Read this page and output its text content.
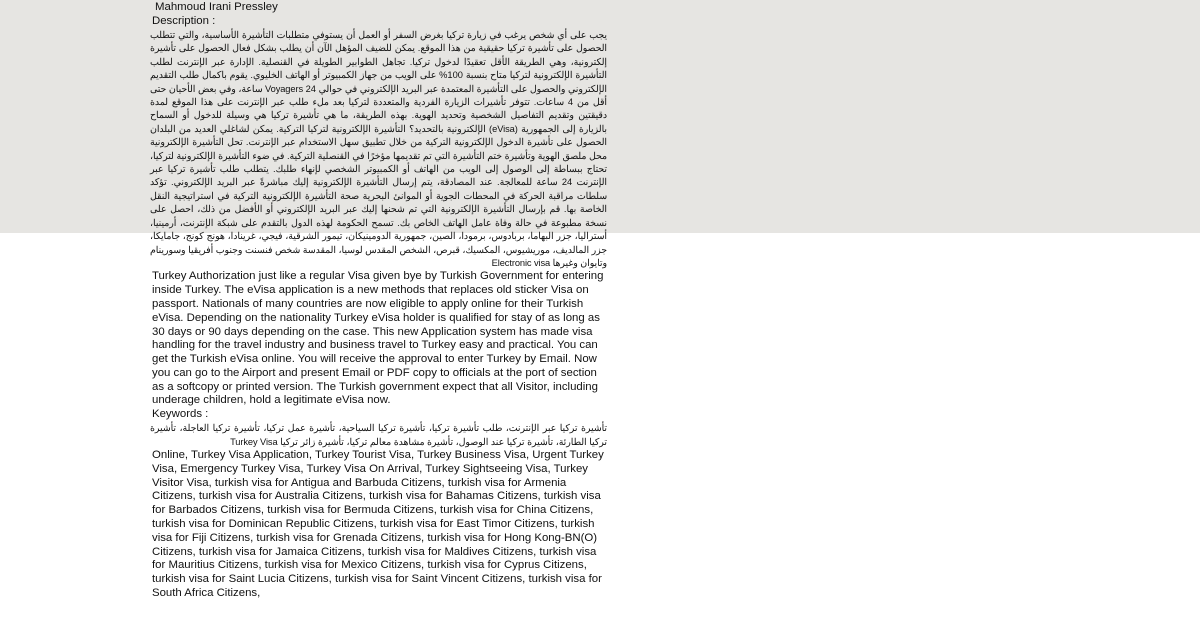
Mahmoud Irani Pressley
Description :
يجب على أي شخص يرغب في زيارة تركيا بغرض السفر أو العمل أن يستوفي متطلبات التأشيرة الأساسية، والتي تتطلب الحصول على تأشيرة تركيا حقيقية من هذا الموقع. يمكن للضيف المؤهل الآن أن يطلب بشكل فعال الحصول على تأشيرة إلكترونية، وهي الطريقة الأقل تعقيدًا لدخول تركيا. تجاهل الطوابير الطويلة في القنصلية. الإدارة عبر الإنترنت لطلب التأشيرة الإلكترونية لتركيا متاح بنسبة 100% على الويب من جهاز الكمبيوتر أو الهاتف الخليوي. يقوم باكمال طلب التقديم الإلكتروني والحصول على التأشيرة المعتمدة عبر البريد الإلكتروني في حوالي 24 Voyagers ساعة، وفي بعض الأحيان حتى أقل من 4 ساعات. تتوفر تأشيرات الزيارة الفردية والمتعددة لتركيا بعد ملء طلب عبر الإنترنت على هذا الموقع لمدة دقيقتين وتقديم التفاصيل الشخصية وتحديد الهوية. بهذه الطريقة، ما هي تأشيرة تركيا هي وسيلة للدخول أو السماح بالزيارة إلى الجمهورية (eVisa) الإلكترونية بالتحديد؟ التأشيرة الإلكترونية لتركيا التركية. يمكن لشاغلي العديد من البلدان الحصول على تأشيرة الدخول الإلكترونية التركية من خلال تطبيق سهل الاستخدام عبر الإنترنت. تحل التأشيرة الإلكترونية محل ملصق الهوية وتأشيرة ختم التأشيرة التي تم تقديمها مؤخرًا في القنصلية التركية. في ضوء التأشيرة الإلكترونية لتركيا، تحتاج ببساطة إلى الوصول إلى الويب من الهاتف أو الكمبيوتر الشخصي لإنهاء طلبك. يتطلب طلب تأشيرة تركيا عبر الإنترنت 24 ساعة للمعالجة. عند المصادقة، يتم إرسال التأشيرة الإلكترونية إليك مباشرةً عبر البريد الإلكتروني. تؤكد سلطات مراقبة الحركة في المحطات الجوية أو الموانئ البحرية صحة التأشيرة الإلكترونية التركية في استراتيجية النقل الخاصة بها. قم بإرسال التأشيرة الإلكترونية التي تم شحنها إليك عبر البريد الإلكتروني أو الأفضل من ذلك، احصل على نسخة مطبوعة في حالة وفاة عامل الهاتف الخاص بك. تسمح الحكومة لهذه الدول بالتقدم على شبكة الإنترنت، أرمينيا، أستراليا، جزر البهاما، بربادوس، برمودا، الصين، جمهورية الدومينيكان، تيمور الشرقية، فيجي، غرينادا، هونج كونج، جامايكا، جزر المالديف، موريشيوس، المكسيك، قبرص، الشخص المقدس لوسيا، المقدسة شخص فنسنت وجنوب أفريقيا وسورينام وتايوان وغيرها Electronic visa
Turkey Authorization just like a regular Visa given bye by Turkish Government for entering inside Turkey. The eVisa application is a new methods that replaces old sticker Visa on passport. Nationals of many countries are now eligible to apply online for their Turkish eVisa. Depending on the nationality Turkey eVisa holder is qualified for stay of as long as 30 days or 90 days depending on the case. This new Application system has made visa handling for the travel industry and business travel to Turkey easy and practical. You can get the Turkish eVisa online. You will receive the approval to enter Turkey by Email. Now you can go to the Airport and present Email or PDF copy to officials at the port of section as a softcopy or printed version. The Turkish government expect that all Visitor, including underage children, hold a legitimate eVisa now.
Keywords :
تأشيرة تركيا عبر الإنترنت، طلب تأشيرة تركيا، تأشيرة تركيا السياحية، تأشيرة عمل تركيا، تأشيرة تركيا العاجلة، تأشيرة تركيا الطارئة، تأشيرة تركيا عند الوصول، تأشيرة مشاهدة معالم تركيا، تأشيرة زائر تركيا Turkey Visa
Online, Turkey Visa Application, Turkey Tourist Visa, Turkey Business Visa, Urgent Turkey Visa, Emergency Turkey Visa, Turkey Visa On Arrival, Turkey Sightseeing Visa, Turkey Visitor Visa, turkish visa for Antigua and Barbuda Citizens, turkish visa for Armenia Citizens, turkish visa for Australia Citizens, turkish visa for Bahamas Citizens, turkish visa for Barbados Citizens, turkish visa for Bermuda Citizens, turkish visa for China Citizens, turkish visa for Dominican Republic Citizens, turkish visa for East Timor Citizens, turkish visa for Fiji Citizens, turkish visa for Grenada Citizens, turkish visa for Hong Kong-BN(O) Citizens, turkish visa for Jamaica Citizens, turkish visa for Maldives Citizens, turkish visa for Mauritius Citizens, turkish visa for Mexico Citizens, turkish visa for Cyprus Citizens, turkish visa for Saint Lucia Citizens, turkish visa for Saint Vincent Citizens, turkish visa for South Africa Citizens,
